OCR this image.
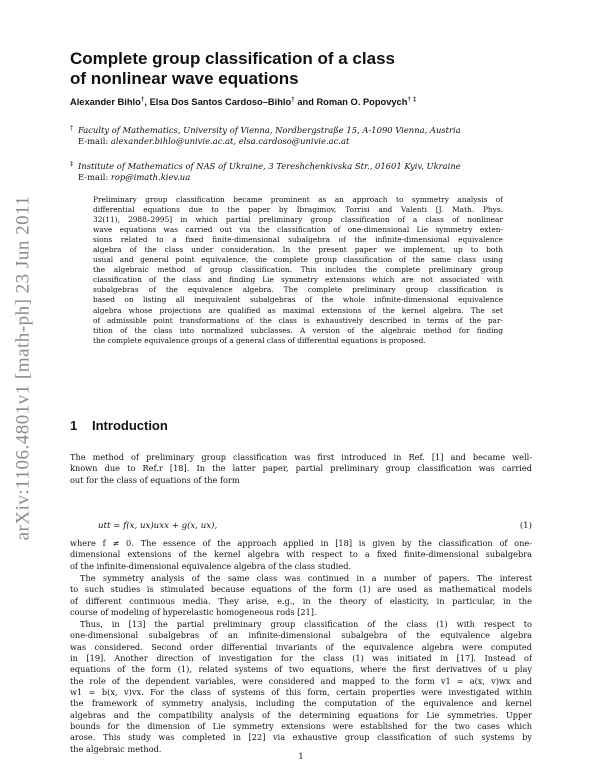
arXiv:1106.4801v1 [math-ph] 23 Jun 2011
Complete group classification of a class
of nonlinear wave equations
Alexander Bihlo†, Elsa Dos Santos Cardoso–Bihlo† and Roman O. Popovych† ‡
† Faculty of Mathematics, University of Vienna, Nordbergstraße 15, A-1090 Vienna, Austria
E-mail: alexander.bihlo@univie.ac.at, elsa.cardoso@univie.ac.at
‡ Institute of Mathematics of NAS of Ukraine, 3 Tereshchenkivska Str., 01601 Kyiv, Ukraine
E-mail: rop@imath.kiev.ua
Preliminary group classification became prominent as an approach to symmetry analysis of
differential equations due to the paper by Ibragimov, Torrisi and Valenti [J. Math. Phys.
32(11), 2988–2995] in which partial preliminary group classification of a class of nonlinear
wave equations was carried out via the classification of one-dimensional Lie symmetry exten-
sions related to a fixed finite-dimensional subalgebra of the infinite-dimensional equivalence
algebra of the class under consideration. In the present paper we implement, up to both
usual and general point equivalence, the complete group classification of the same class using
the algebraic method of group classification. This includes the complete preliminary group
classification of the class and finding Lie symmetry extensions which are not associated with
subalgebras of the equivalence algebra. The complete preliminary group classification is
based on listing all inequivalent subalgebras of the whole infinite-dimensional equivalence
algebra whose projections are qualified as maximal extensions of the kernel algebra. The set
of admissible point transformations of the class is exhaustively described in terms of the par-
tition of the class into normalized subclasses. A version of the algebraic method for finding
the complete equivalence groups of a general class of differential equations is proposed.
1 Introduction
The method of preliminary group classification was first introduced in Ref. [1] and became well-
known due to Ref.r [18]. In the latter paper, partial preliminary group classification was carried
out for the class of equations of the form
utt = f(x, ux)uxx + g(x, ux),	(1)
where f ≠ 0. The essence of the approach applied in [18] is given by the classification of one-
dimensional extensions of the kernel algebra with respect to a fixed finite-dimensional subalgebra
of the infinite-dimensional equivalence algebra of the class studied.
The symmetry analysis of the same class was continued in a number of papers. The interest
to such studies is stimulated because equations of the form (1) are used as mathematical models
of different continuous media. They arise, e.g., in the theory of elasticity, in particular, in the
course of modeling of hyperelastic homogeneous rods [21].
Thus, in [13] the partial preliminary group classification of the class (1) with respect to
one-dimensional subalgebras of an infinite-dimensional subalgebra of the equivalence algebra
was considered. Second order differential invariants of the equivalence algebra were computed
in [19]. Another direction of investigation for the class (1) was initiated in [17]. Instead of
equations of the form (1), related systems of two equations, where the first derivatives of u play
the role of the dependent variables, were considered and mapped to the form v1 = a(x, v)wx and
w1 = b(x, v)vx. For the class of systems of this form, certain properties were investigated within
the framework of symmetry analysis, including the computation of the equivalence and kernel
algebras and the compatibility analysis of the determining equations for Lie symmetries. Upper
bounds for the dimension of Lie symmetry extensions were established for the two cases which
arose. This study was completed in [22] via exhaustive group classification of such systems by
the algebraic method.
1
